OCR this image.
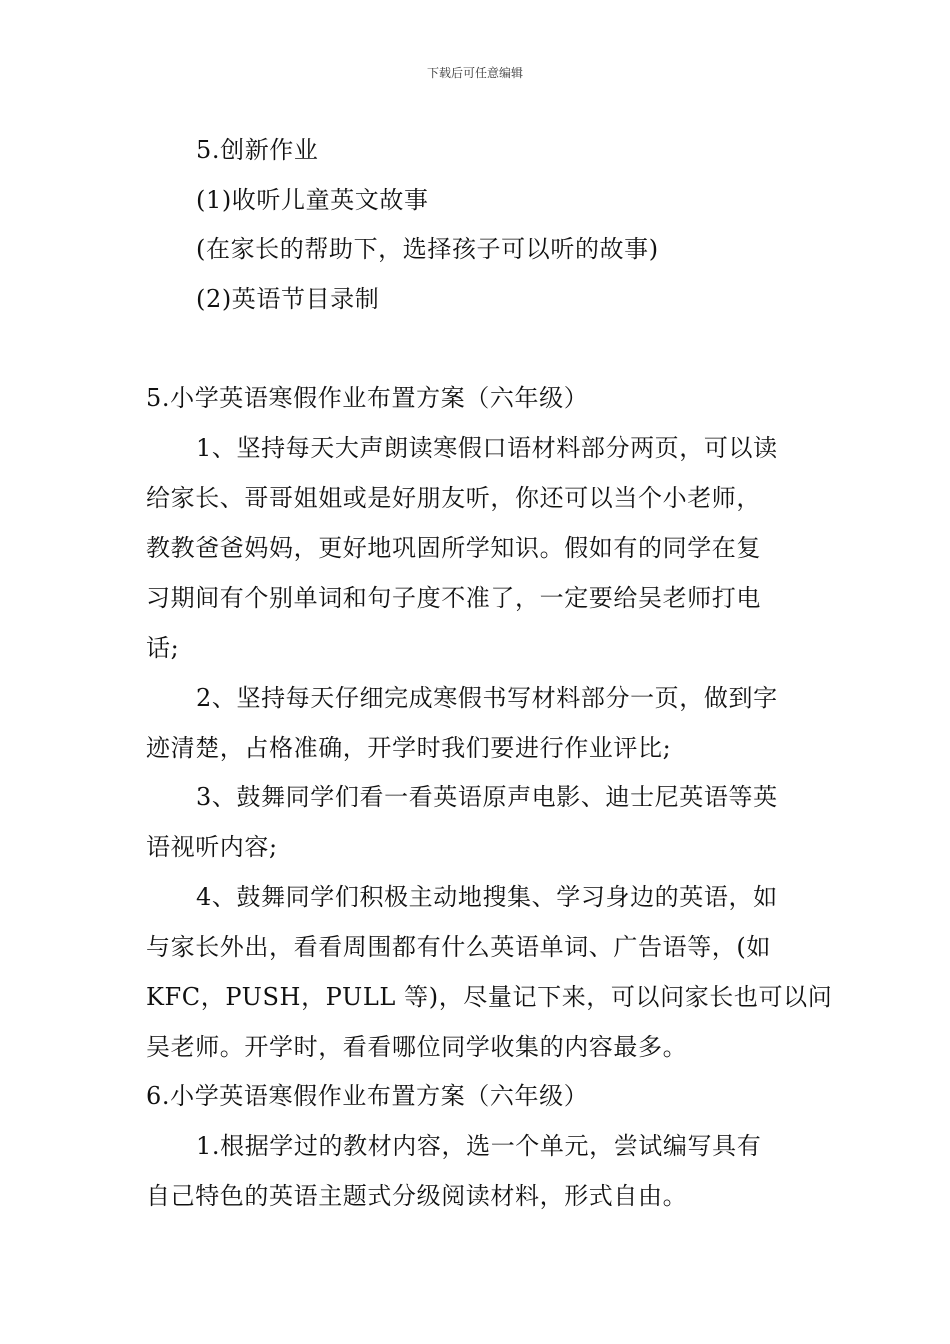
下载后可任意编辑
5.创新作业
(1)收听儿童英文故事
(在家长的帮助下，选择孩子可以听的故事)
(2)英语节目录制
5.小学英语寒假作业布置方案（六年级）
1、坚持每天大声朗读寒假口语材料部分两页，可以读
给家长、哥哥姐姐或是好朋友听，你还可以当个小老师，
教教爸爸妈妈，更好地巩固所学知识。假如有的同学在复
习期间有个别单词和句子度不准了，一定要给吴老师打电
话;
2、坚持每天仔细完成寒假书写材料部分一页，做到字
迹清楚，占格准确，开学时我们要进行作业评比;
3、鼓舞同学们看一看英语原声电影、迪士尼英语等英
语视听内容;
4、鼓舞同学们积极主动地搜集、学习身边的英语，如
与家长外出，看看周围都有什么英语单词、广告语等，(如
KFC，PUSH，PULL 等)，尽量记下来，可以问家长也可以问
吴老师。开学时，看看哪位同学收集的内容最多。
6.小学英语寒假作业布置方案（六年级）
1.根据学过的教材内容，选一个单元，尝试编写具有
自己特色的英语主题式分级阅读材料，形式自由。
